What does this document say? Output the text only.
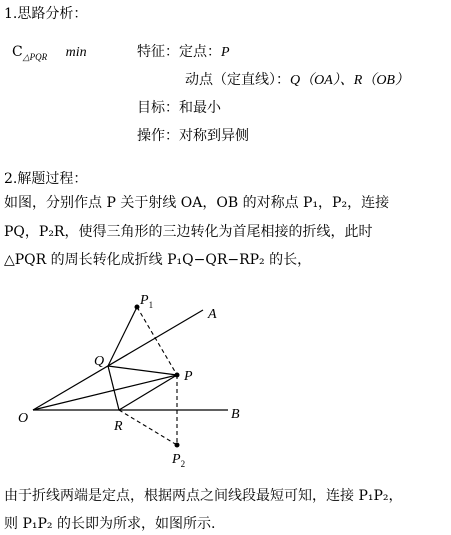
1.思路分析：
$C_{\triangle PQR}$ min	特征：定点：P
动点（定直线）：Q（OA）、R（OB）
目标：和最小
操作：对称到异侧
2.解题过程：
如图，分别作点 P 关于射线 OA，OB 的对称点 P₁，P₂，连接
PQ，P₂R，使得三角形的三边转化为首尾相接的折线，此时
△PQR 的周长转化成折线 P₁Q−QR−RP₂ 的长，
O
A
B
P
Q
R
$P_1$
$P_2$
由于折线两端是定点，根据两点之间线段最短可知，连接 P₁P₂，
则 P₁P₂ 的长即为所求，如图所示.
